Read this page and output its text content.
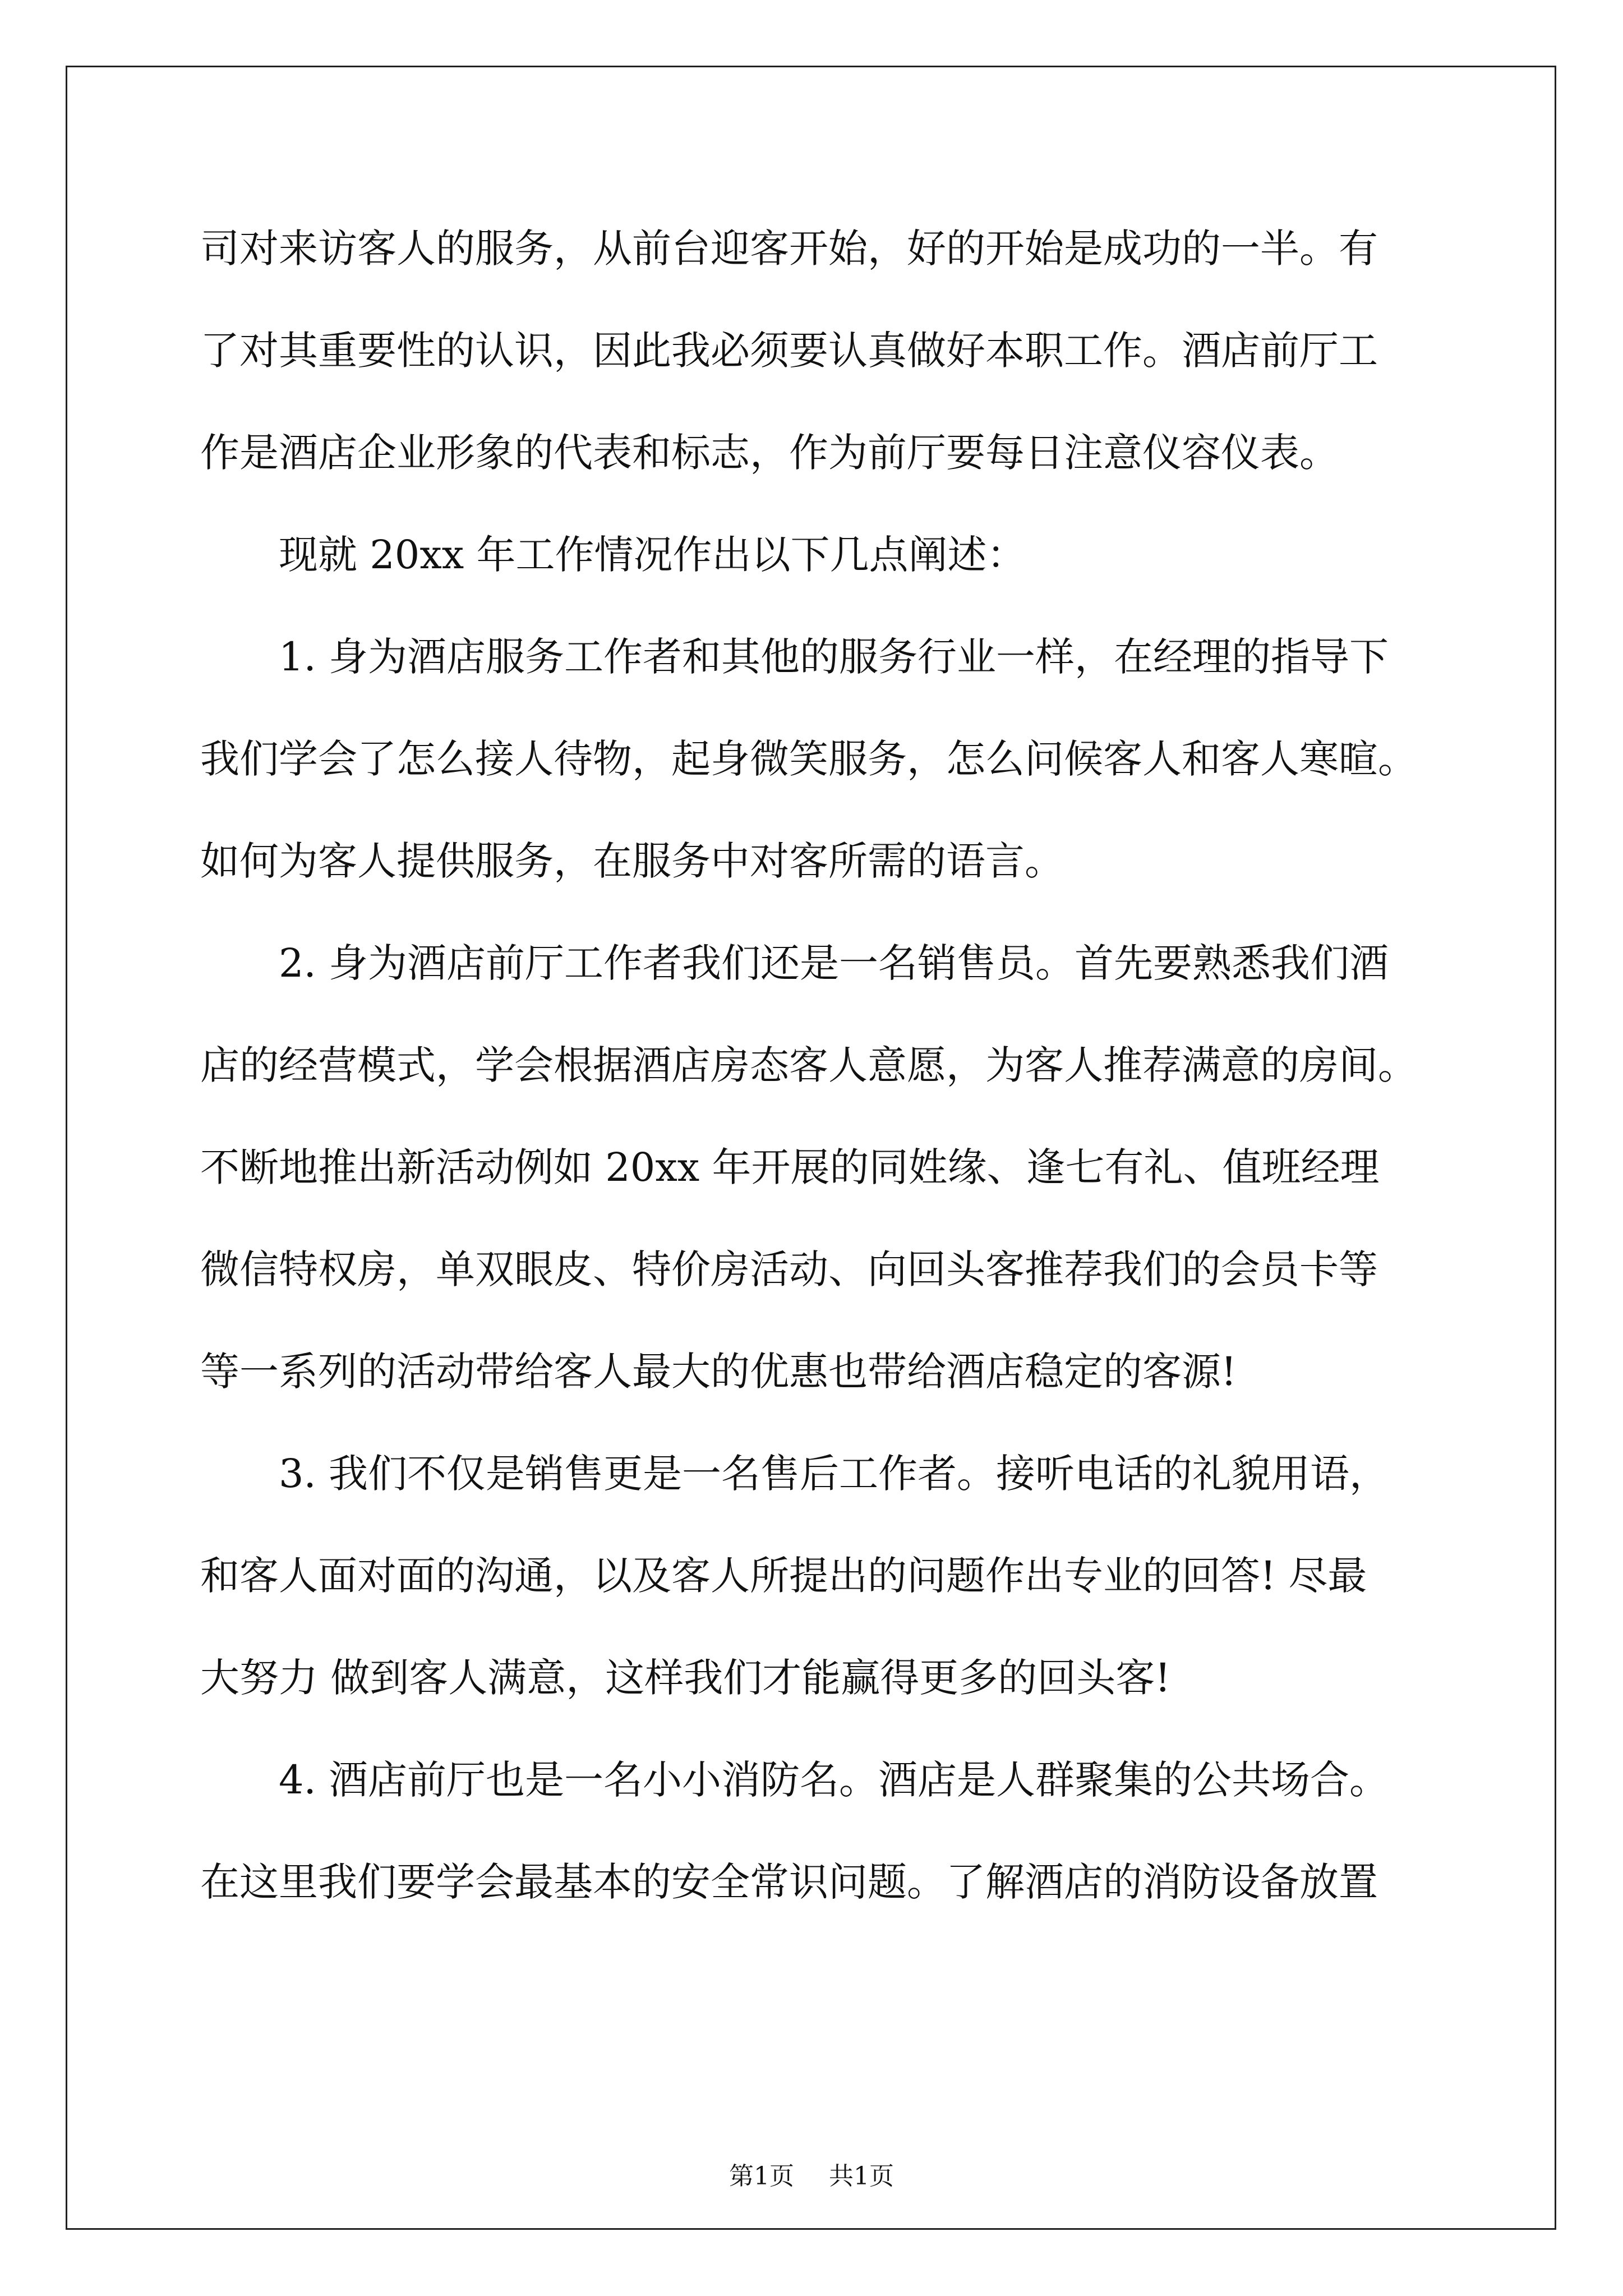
司对来访客人的服务，从前台迎客开始，好的开始是成功的一半。有
了对其重要性的认识，因此我必须要认真做好本职工作。酒店前厅工
作是酒店企业形象的代表和标志，作为前厅要每日注意仪容仪表。
现就 20xx 年工作情况作出以下几点阐述：
1. 身为酒店服务工作者和其他的服务行业一样，在经理的指导下
我们学会了怎么接人待物，起身微笑服务，怎么问候客人和客人寒暄。
如何为客人提供服务，在服务中对客所需的语言。
2. 身为酒店前厅工作者我们还是一名销售员。首先要熟悉我们酒
店的经营模式，学会根据酒店房态客人意愿，为客人推荐满意的房间。
不断地推出新活动例如 20xx 年开展的同姓缘、逢七有礼、值班经理
微信特权房，单双眼皮、特价房活动、向回头客推荐我们的会员卡等
等一系列的活动带给客人最大的优惠也带给酒店稳定的客源!
3. 我们不仅是销售更是一名售后工作者。接听电话的礼貌用语，
和客人面对面的沟通，以及客人所提出的问题作出专业的回答! 尽最
大努力 做到客人满意，这样我们才能赢得更多的回头客!
4. 酒店前厅也是一名小小消防名。酒店是人群聚集的公共场合。
在这里我们要学会最基本的安全常识问题。了解酒店的消防设备放置
第1页 共1页
